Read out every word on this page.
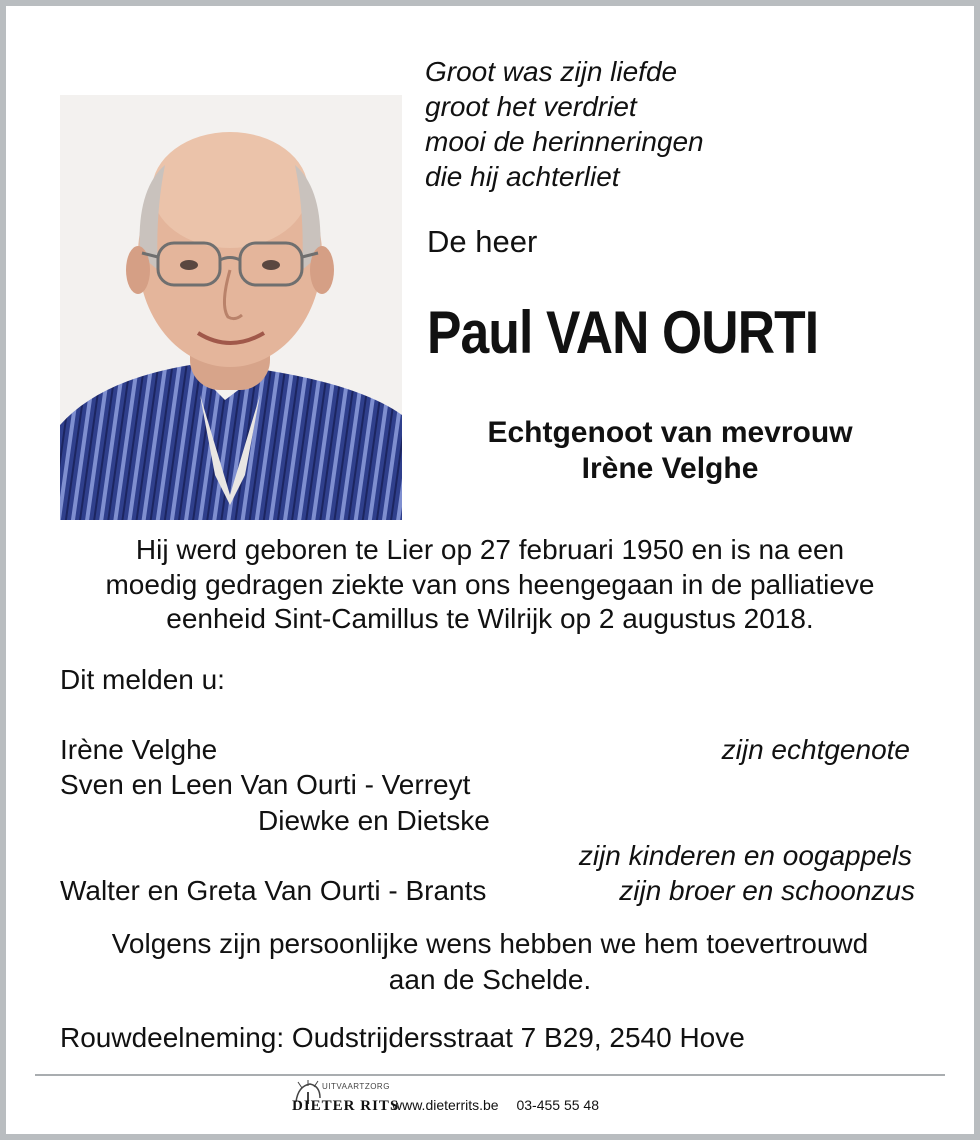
Groot was zijn liefde
groot het verdriet
mooi de herinneringen
die hij achterliet
De heer
Paul VAN OURTI
Echtgenoot van mevrouw
Irène Velghe
Hij werd geboren te Lier op 27 februari 1950 en is na een
moedig gedragen ziekte van ons heengegaan in de palliatieve
eenheid Sint-Camillus te Wilrijk op 2 augustus 2018.
Dit melden u:
Irène Velghe	zijn echtgenote
Sven en Leen Van Ourti - Verreyt
Diewke en Dietske
zijn kinderen en oogappels
Walter en Greta Van Ourti - Brants	zijn broer en schoonzus
Volgens zijn persoonlijke wens hebben we hem toevertrouwd
aan de Schelde.
Rouwdeelneming: Oudstrijdersstraat 7 B29, 2540 Hove
UITVAARTZORG
DIETER RITS
www.dieterrits.be 03-455 55 48
